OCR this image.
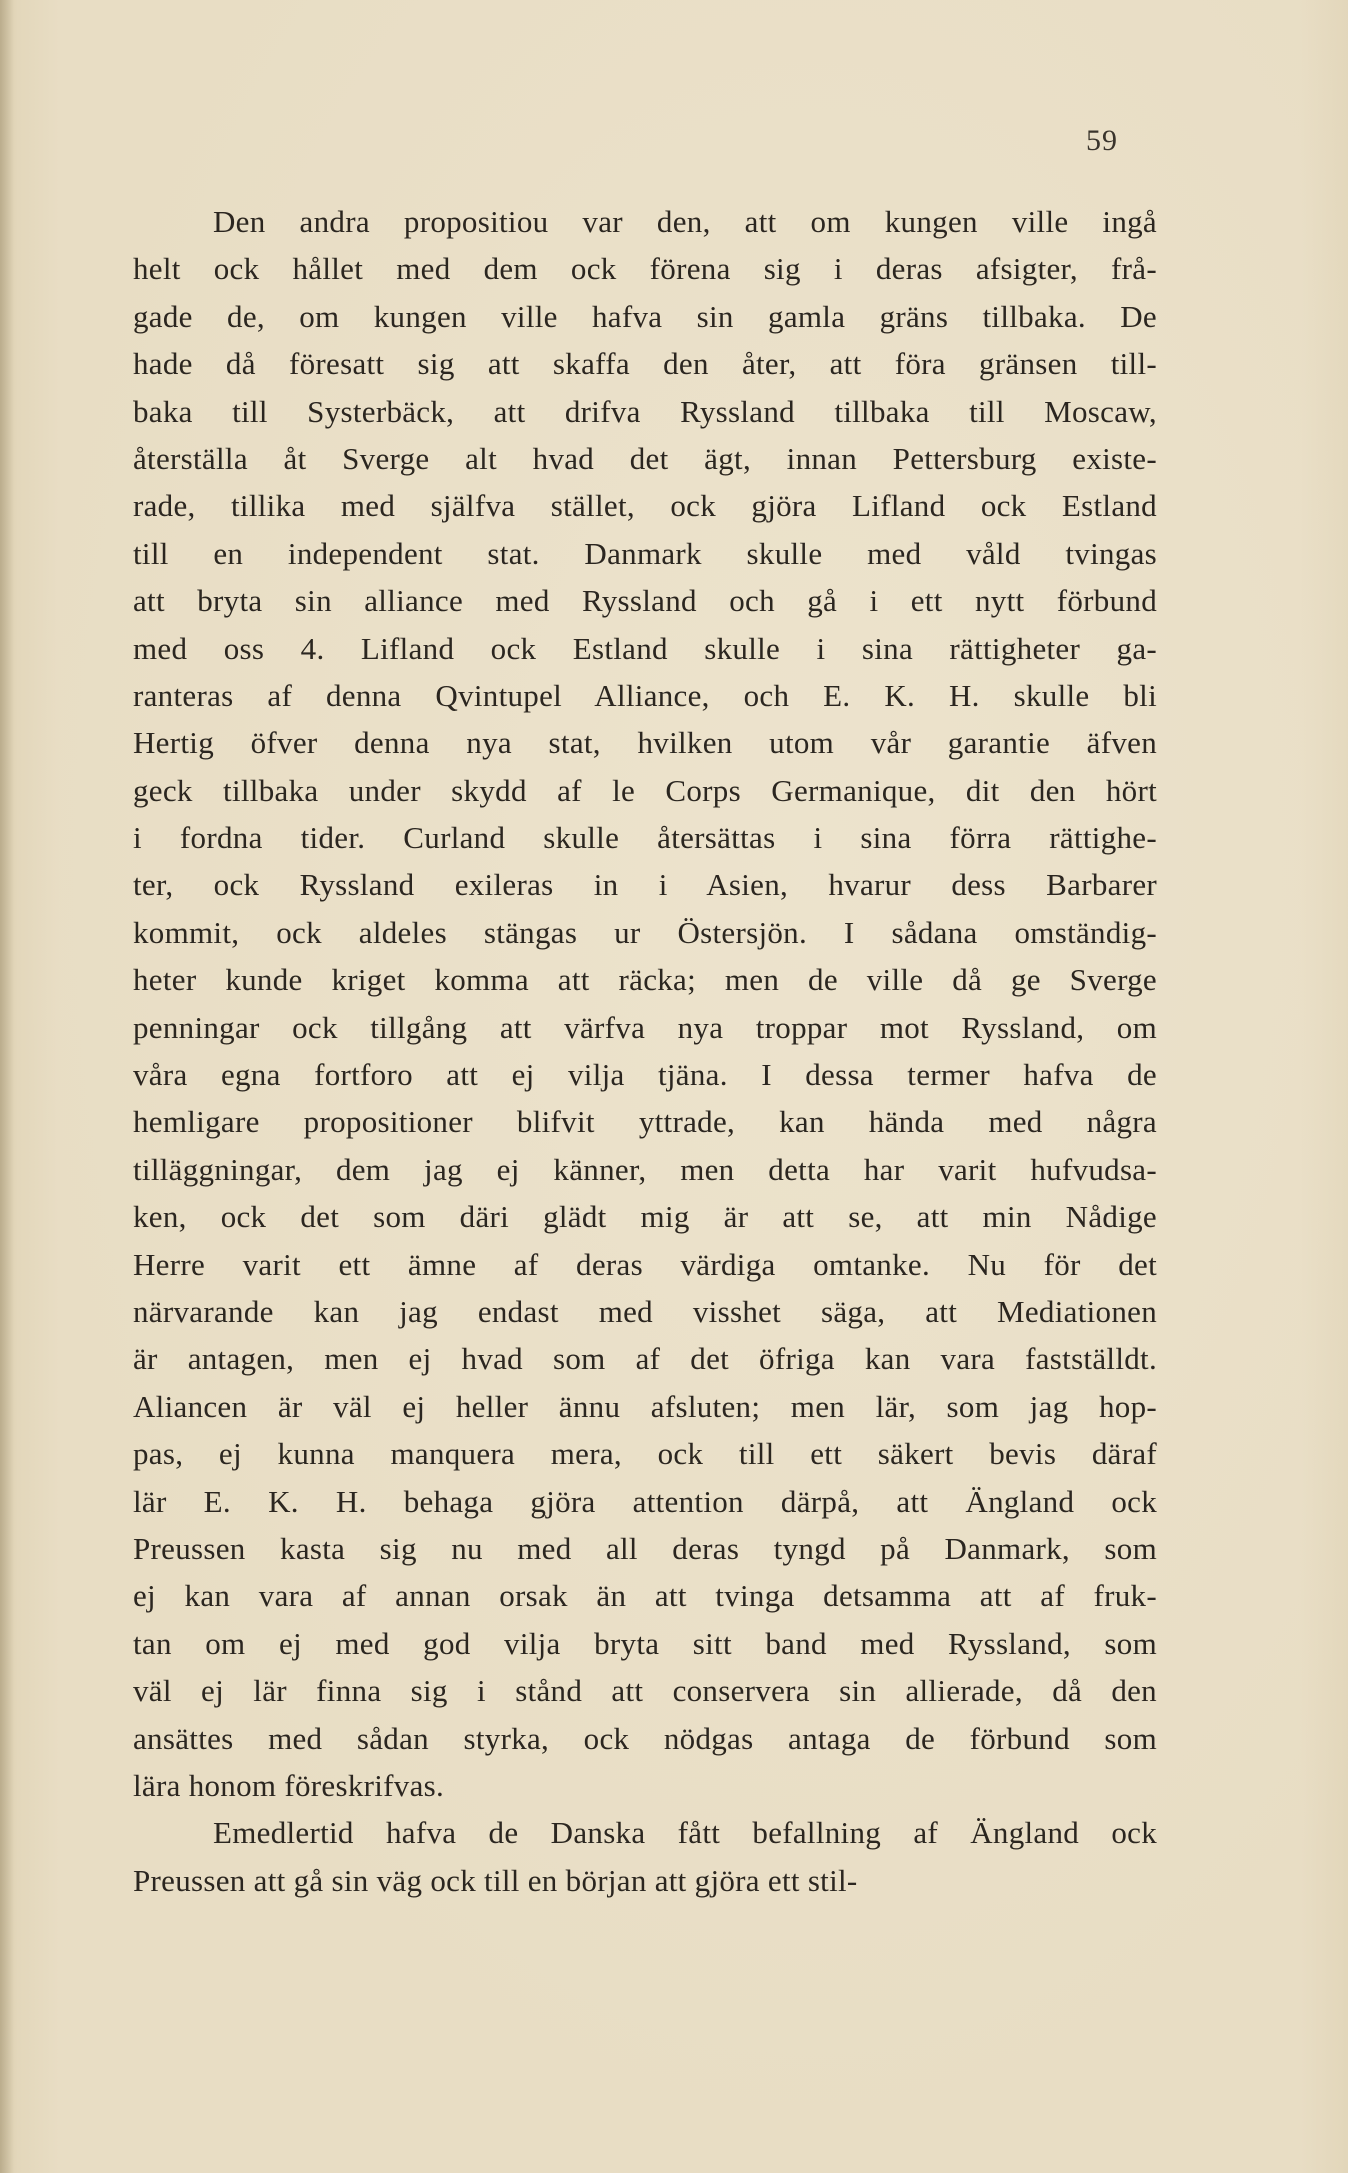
59
Den andra propositiou var den, att om kungen ville ingå
helt ock hållet med dem ock förena sig i deras afsigter, frå-
gade de, om kungen ville hafva sin gamla gräns tillbaka. De
hade då föresatt sig att skaffa den åter, att föra gränsen till-
baka till Systerbäck, att drifva Ryssland tillbaka till Moscaw,
återställa åt Sverge alt hvad det ägt, innan Pettersburg existe-
rade, tillika med själfva stället, ock gjöra Lifland ock Estland
till en independent stat. Danmark skulle med våld tvingas
att bryta sin alliance med Ryssland och gå i ett nytt förbund
med oss 4. Lifland ock Estland skulle i sina rättigheter ga-
ranteras af denna Qvintupel Alliance, och E. K. H. skulle bli
Hertig öfver denna nya stat, hvilken utom vår garantie äfven
geck tillbaka under skydd af le Corps Germanique, dit den hört
i fordna tider. Curland skulle återsättas i sina förra rättighe-
ter, ock Ryssland exileras in i Asien, hvarur dess Barbarer
kommit, ock aldeles stängas ur Östersjön. I sådana omständig-
heter kunde kriget komma att räcka; men de ville då ge Sverge
penningar ock tillgång att värfva nya troppar mot Ryssland, om
våra egna fortforo att ej vilja tjäna. I dessa termer hafva de
hemligare propositioner blifvit yttrade, kan hända med några
tilläggningar, dem jag ej känner, men detta har varit hufvudsa-
ken, ock det som däri glädt mig är att se, att min Nådige
Herre varit ett ämne af deras värdiga omtanke. Nu för det
närvarande kan jag endast med visshet säga, att Mediationen
är antagen, men ej hvad som af det öfriga kan vara fastställdt.
Aliancen är väl ej heller ännu afsluten; men lär, som jag hop-
pas, ej kunna manquera mera, ock till ett säkert bevis däraf
lär E. K. H. behaga gjöra attention därpå, att Ängland ock
Preussen kasta sig nu med all deras tyngd på Danmark, som
ej kan vara af annan orsak än att tvinga detsamma att af fruk-
tan om ej med god vilja bryta sitt band med Ryssland, som
väl ej lär finna sig i stånd att conservera sin allierade, då den
ansättes med sådan styrka, ock nödgas antaga de förbund som
lära honom föreskrifvas.
Emedlertid hafva de Danska fått befallning af Ängland ock
Preussen att gå sin väg ock till en början att gjöra ett stil-
